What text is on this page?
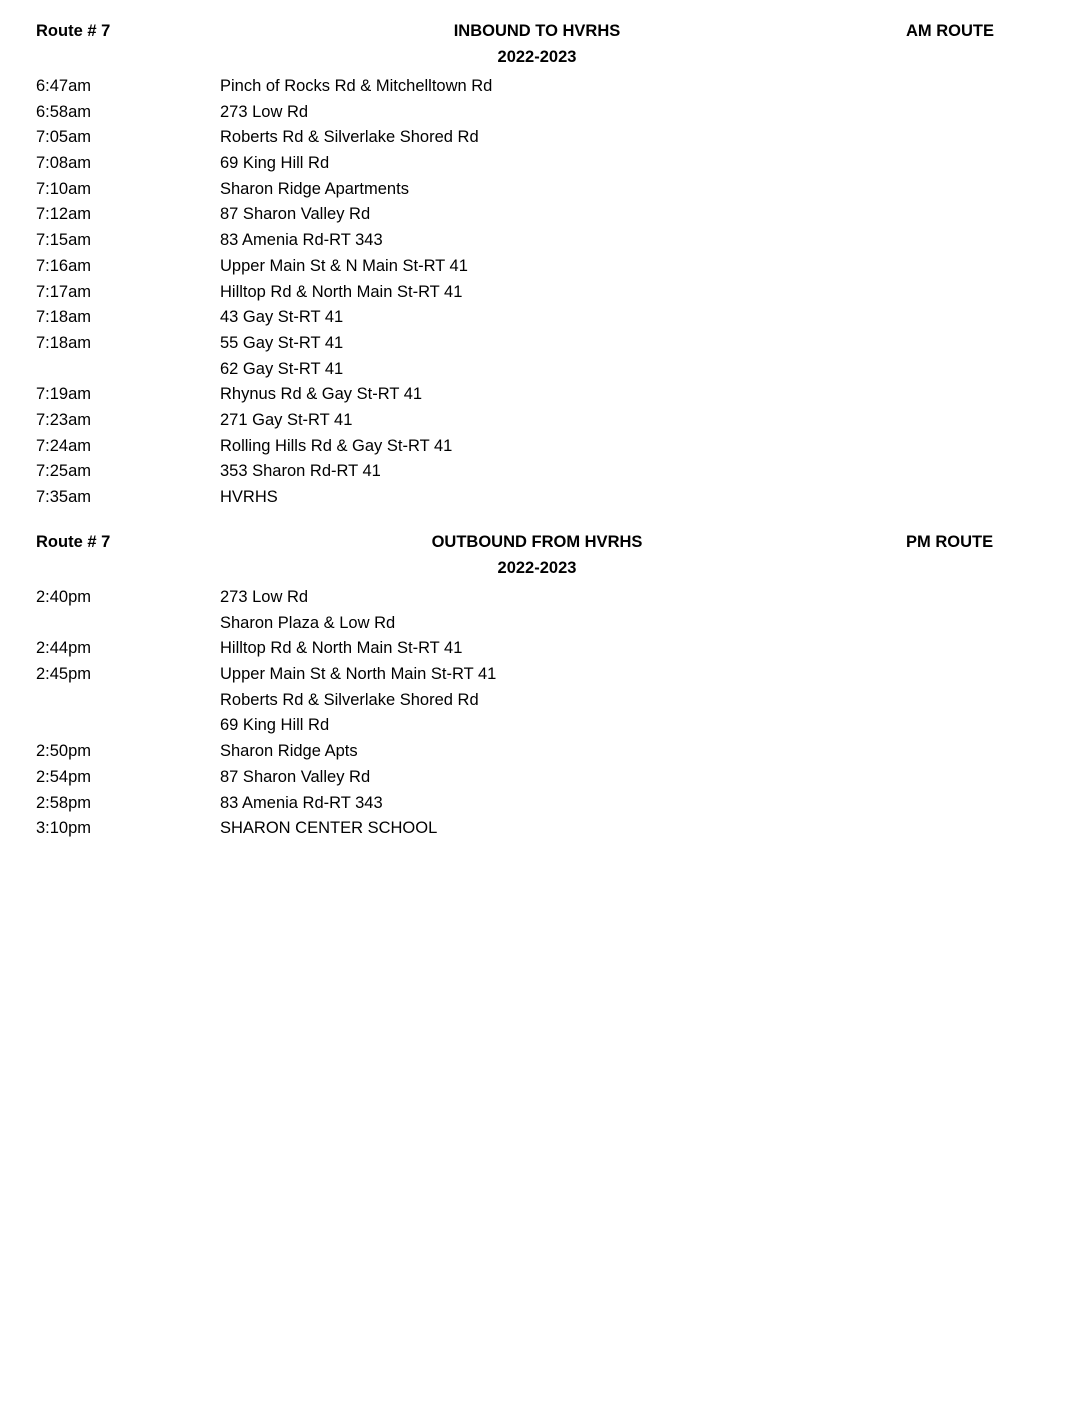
Route # 7	INBOUND TO HVRHS	AM ROUTE
2022-2023
6:47am	Pinch of Rocks Rd & Mitchelltown Rd
6:58am	273 Low Rd
7:05am	Roberts Rd & Silverlake Shored Rd
7:08am	69 King Hill Rd
7:10am	Sharon Ridge Apartments
7:12am	87 Sharon Valley Rd
7:15am	83 Amenia Rd-RT 343
7:16am	Upper Main St & N Main St-RT 41
7:17am	Hilltop Rd & North Main St-RT 41
7:18am	43 Gay St-RT 41
7:18am	55 Gay St-RT 41
62 Gay St-RT 41
7:19am	Rhynus Rd & Gay St-RT 41
7:23am	271 Gay St-RT 41
7:24am	Rolling Hills Rd & Gay St-RT 41
7:25am	353 Sharon Rd-RT 41
7:35am	HVRHS
Route # 7	OUTBOUND FROM HVRHS	PM ROUTE
2022-2023
2:40pm	273 Low Rd
Sharon Plaza & Low Rd
2:44pm	Hilltop Rd & North Main St-RT 41
2:45pm	Upper Main St & North Main St-RT 41
Roberts Rd & Silverlake Shored Rd
69 King Hill Rd
2:50pm	Sharon Ridge Apts
2:54pm	87 Sharon Valley Rd
2:58pm	83 Amenia Rd-RT 343
3:10pm	SHARON CENTER SCHOOL
